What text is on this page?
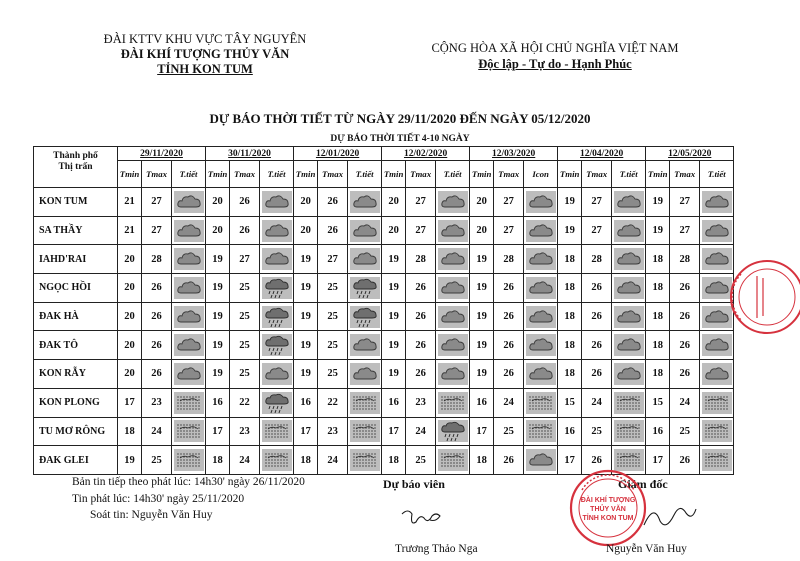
ĐÀI KTTV KHU VỰC TÂY NGUYÊN
ĐÀI KHÍ TƯỢNG THỦY VĂN
TỈNH KON TUM
CỘNG HÒA XÃ HỘI CHỦ NGHĨA VIỆT NAM
Độc lập - Tự do - Hạnh Phúc
DỰ BÁO THỜI TIẾT TỪ NGÀY 29/11/2020 ĐẾN NGÀY 05/12/2020
DỰ BÁO THỜI TIẾT 4-10 NGÀY
Thành phố
Thị trấn	29/11/2020			30/11/2020			12/01/2020			12/02/2020			12/03/2020			12/04/2020			12/05/2020		
	Tmin	Tmax	T.tiết	Tmin	Tmax	T.tiết	Tmin	Tmax	T.tiết	Tmin	Tmax	T.tiết	Tmin	Tmax	Icon	Tmin	Tmax	T.tiết	Tmin	Tmax	T.tiết
KON TUM	21	27		20	26		20	26		20	27		20	27		19	27		19	27	

SA THẦY	21	27		20	26		20	26		20	27		20	27		19	27		19	27	

IAHD'RAI	20	28		19	27		19	27		19	28		19	28		18	28		18	28	

NGỌC HỒI	20	26		19	25		19	25		19	26		19	26		18	26		18	26	

ĐAK HÀ	20	26		19	25		19	25		19	26		19	26		18	26		18	26	

ĐAK TÔ	20	26		19	25		19	25		19	26		19	26		18	26		18	26	

KON RẪY	20	26		19	25		19	25		19	26		19	26		18	26		18	26	

KON PLONG	17	23		16	22		16	22		16	23		16	24		15	24		15	24	

TU MƠ RÔNG	18	24		17	23		17	23		17	24		17	25		16	25		16	25	

ĐAK GLEI	19	25		18	24		18	24		18	25		18	26		17	26		17	26	
Bản tin tiếp theo phát lúc: 14h30' ngày 26/11/2020
Tin phát lúc: 14h30' ngày 25/11/2020
Soát tin: Nguyễn Văn Huy
Dự báo viên	Giám đốc
ĐÀI KHÍ TƯỢNG
THỦY VĂN
TỈNH KON TUM
Trương Thảo Nga	Nguyễn Văn Huy
